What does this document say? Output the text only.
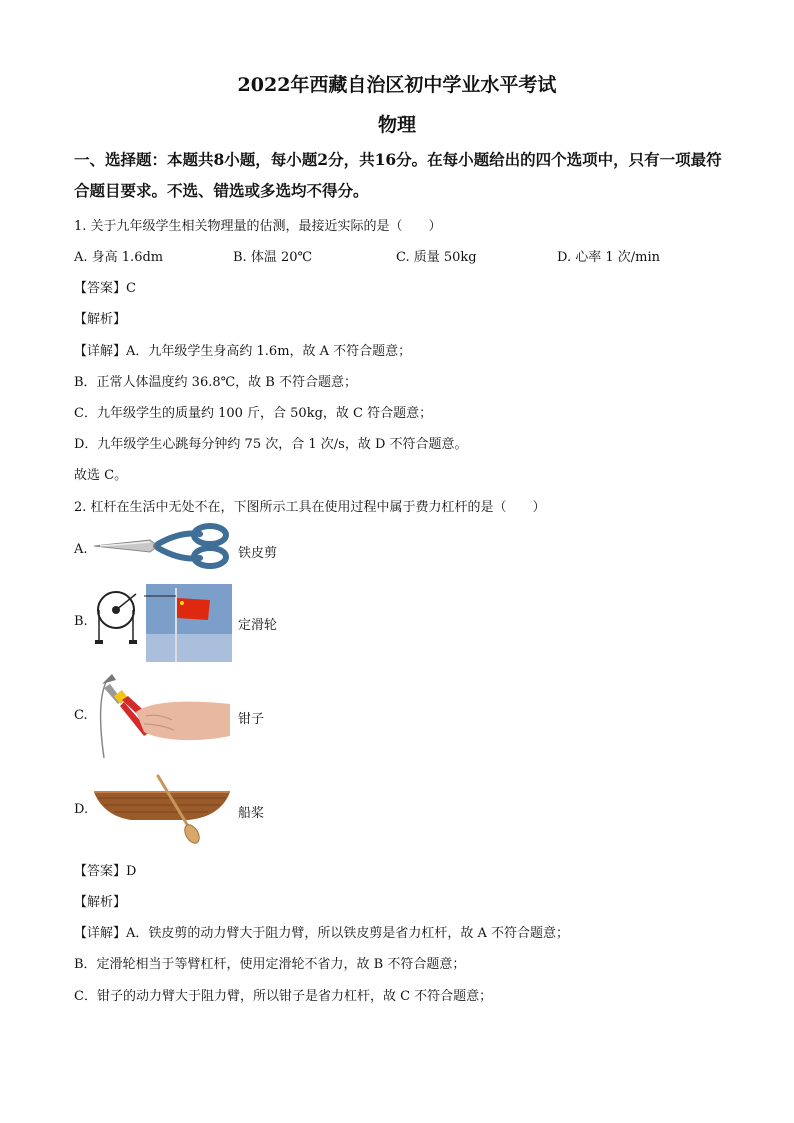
2022年西藏自治区初中学业水平考试
物理
一、选择题：本题共8小题，每小题2分，共16分。在每小题给出的四个选项中，只有一项最符合题目要求。不选、错选或多选均不得分。
1. 关于九年级学生相关物理量的估测，最接近实际的是（　　）
A. 身高 1.6dm	B. 体温 20℃	C. 质量 50kg	D. 心率 1 次/min
【答案】C
【解析】
【详解】A．九年级学生身高约 1.6m，故 A 不符合题意；
B．正常人体温度约 36.8℃，故 B 不符合题意；
C．九年级学生的质量约 100 斤，合 50kg，故 C 符合题意；
D．九年级学生心跳每分钟约 75 次，合 1 次/s，故 D 不符合题意。
故选 C。
2. 杠杆在生活中无处不在，下图所示工具在使用过程中属于费力杠杆的是（　　）
A.	铁皮剪
B.	定滑轮
C.	钳子
D.	船桨
【答案】D
【解析】
【详解】A．铁皮剪的动力臂大于阻力臂，所以铁皮剪是省力杠杆，故 A 不符合题意；
B．定滑轮相当于等臂杠杆，使用定滑轮不省力，故 B 不符合题意；
C．钳子的动力臂大于阻力臂，所以钳子是省力杠杆，故 C 不符合题意；
